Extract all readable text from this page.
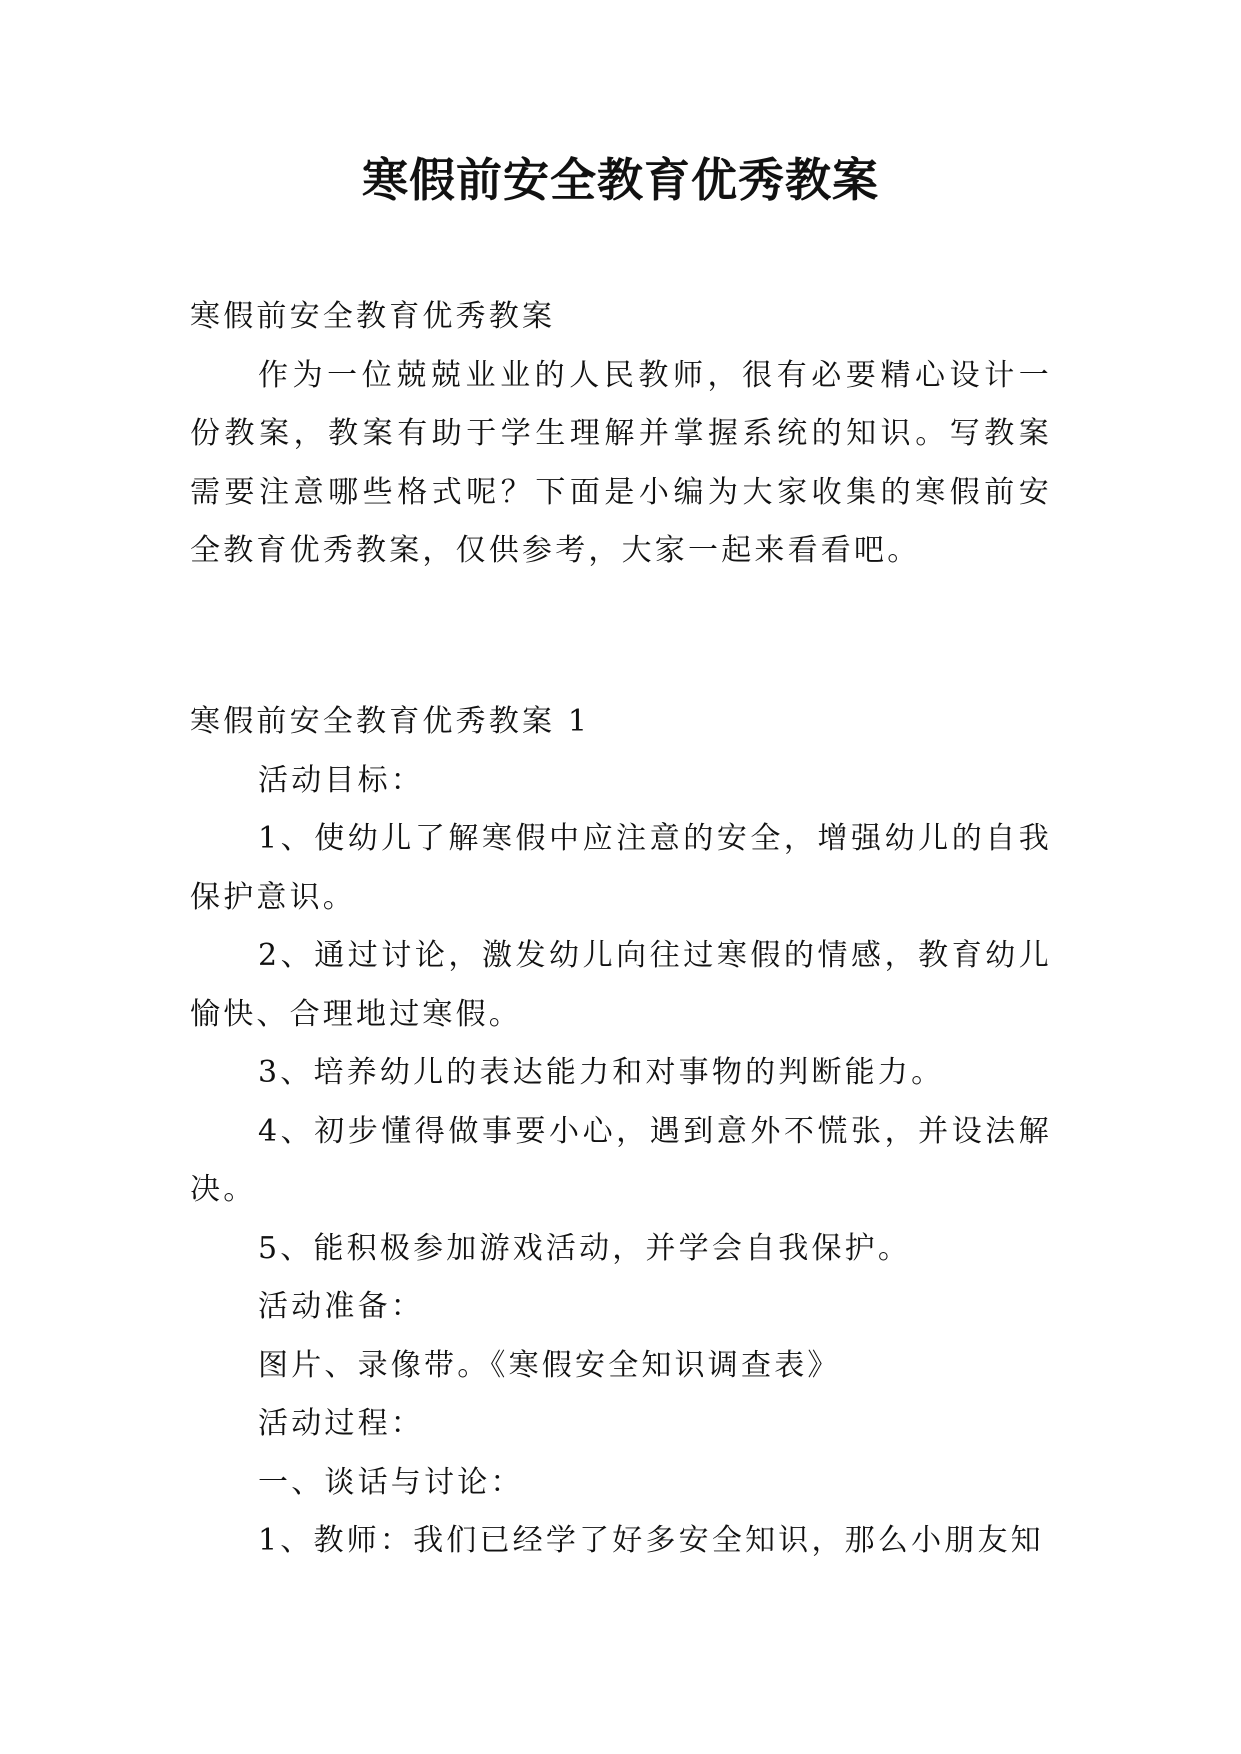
寒假前安全教育优秀教案

寒假前安全教育优秀教案

作为一位兢兢业业的人民教师，很有必要精心设计一份教案，教案有助于学生理解并掌握系统的知识。写教案需要注意哪些格式呢？下面是小编为大家收集的寒假前安全教育优秀教案，仅供参考，大家一起来看看吧。

寒假前安全教育优秀教案 1

活动目标：

1、使幼儿了解寒假中应注意的安全，增强幼儿的自我保护意识。

2、通过讨论，激发幼儿向往过寒假的情感，教育幼儿愉快、合理地过寒假。

3、培养幼儿的表达能力和对事物的判断能力。

4、初步懂得做事要小心，遇到意外不慌张，并设法解决。

5、能积极参加游戏活动，并学会自我保护。

活动准备：

图片、录像带。《寒假安全知识调查表》

活动过程：

一、谈话与讨论：

1、教师：我们已经学了好多安全知识，那么小朋友知
